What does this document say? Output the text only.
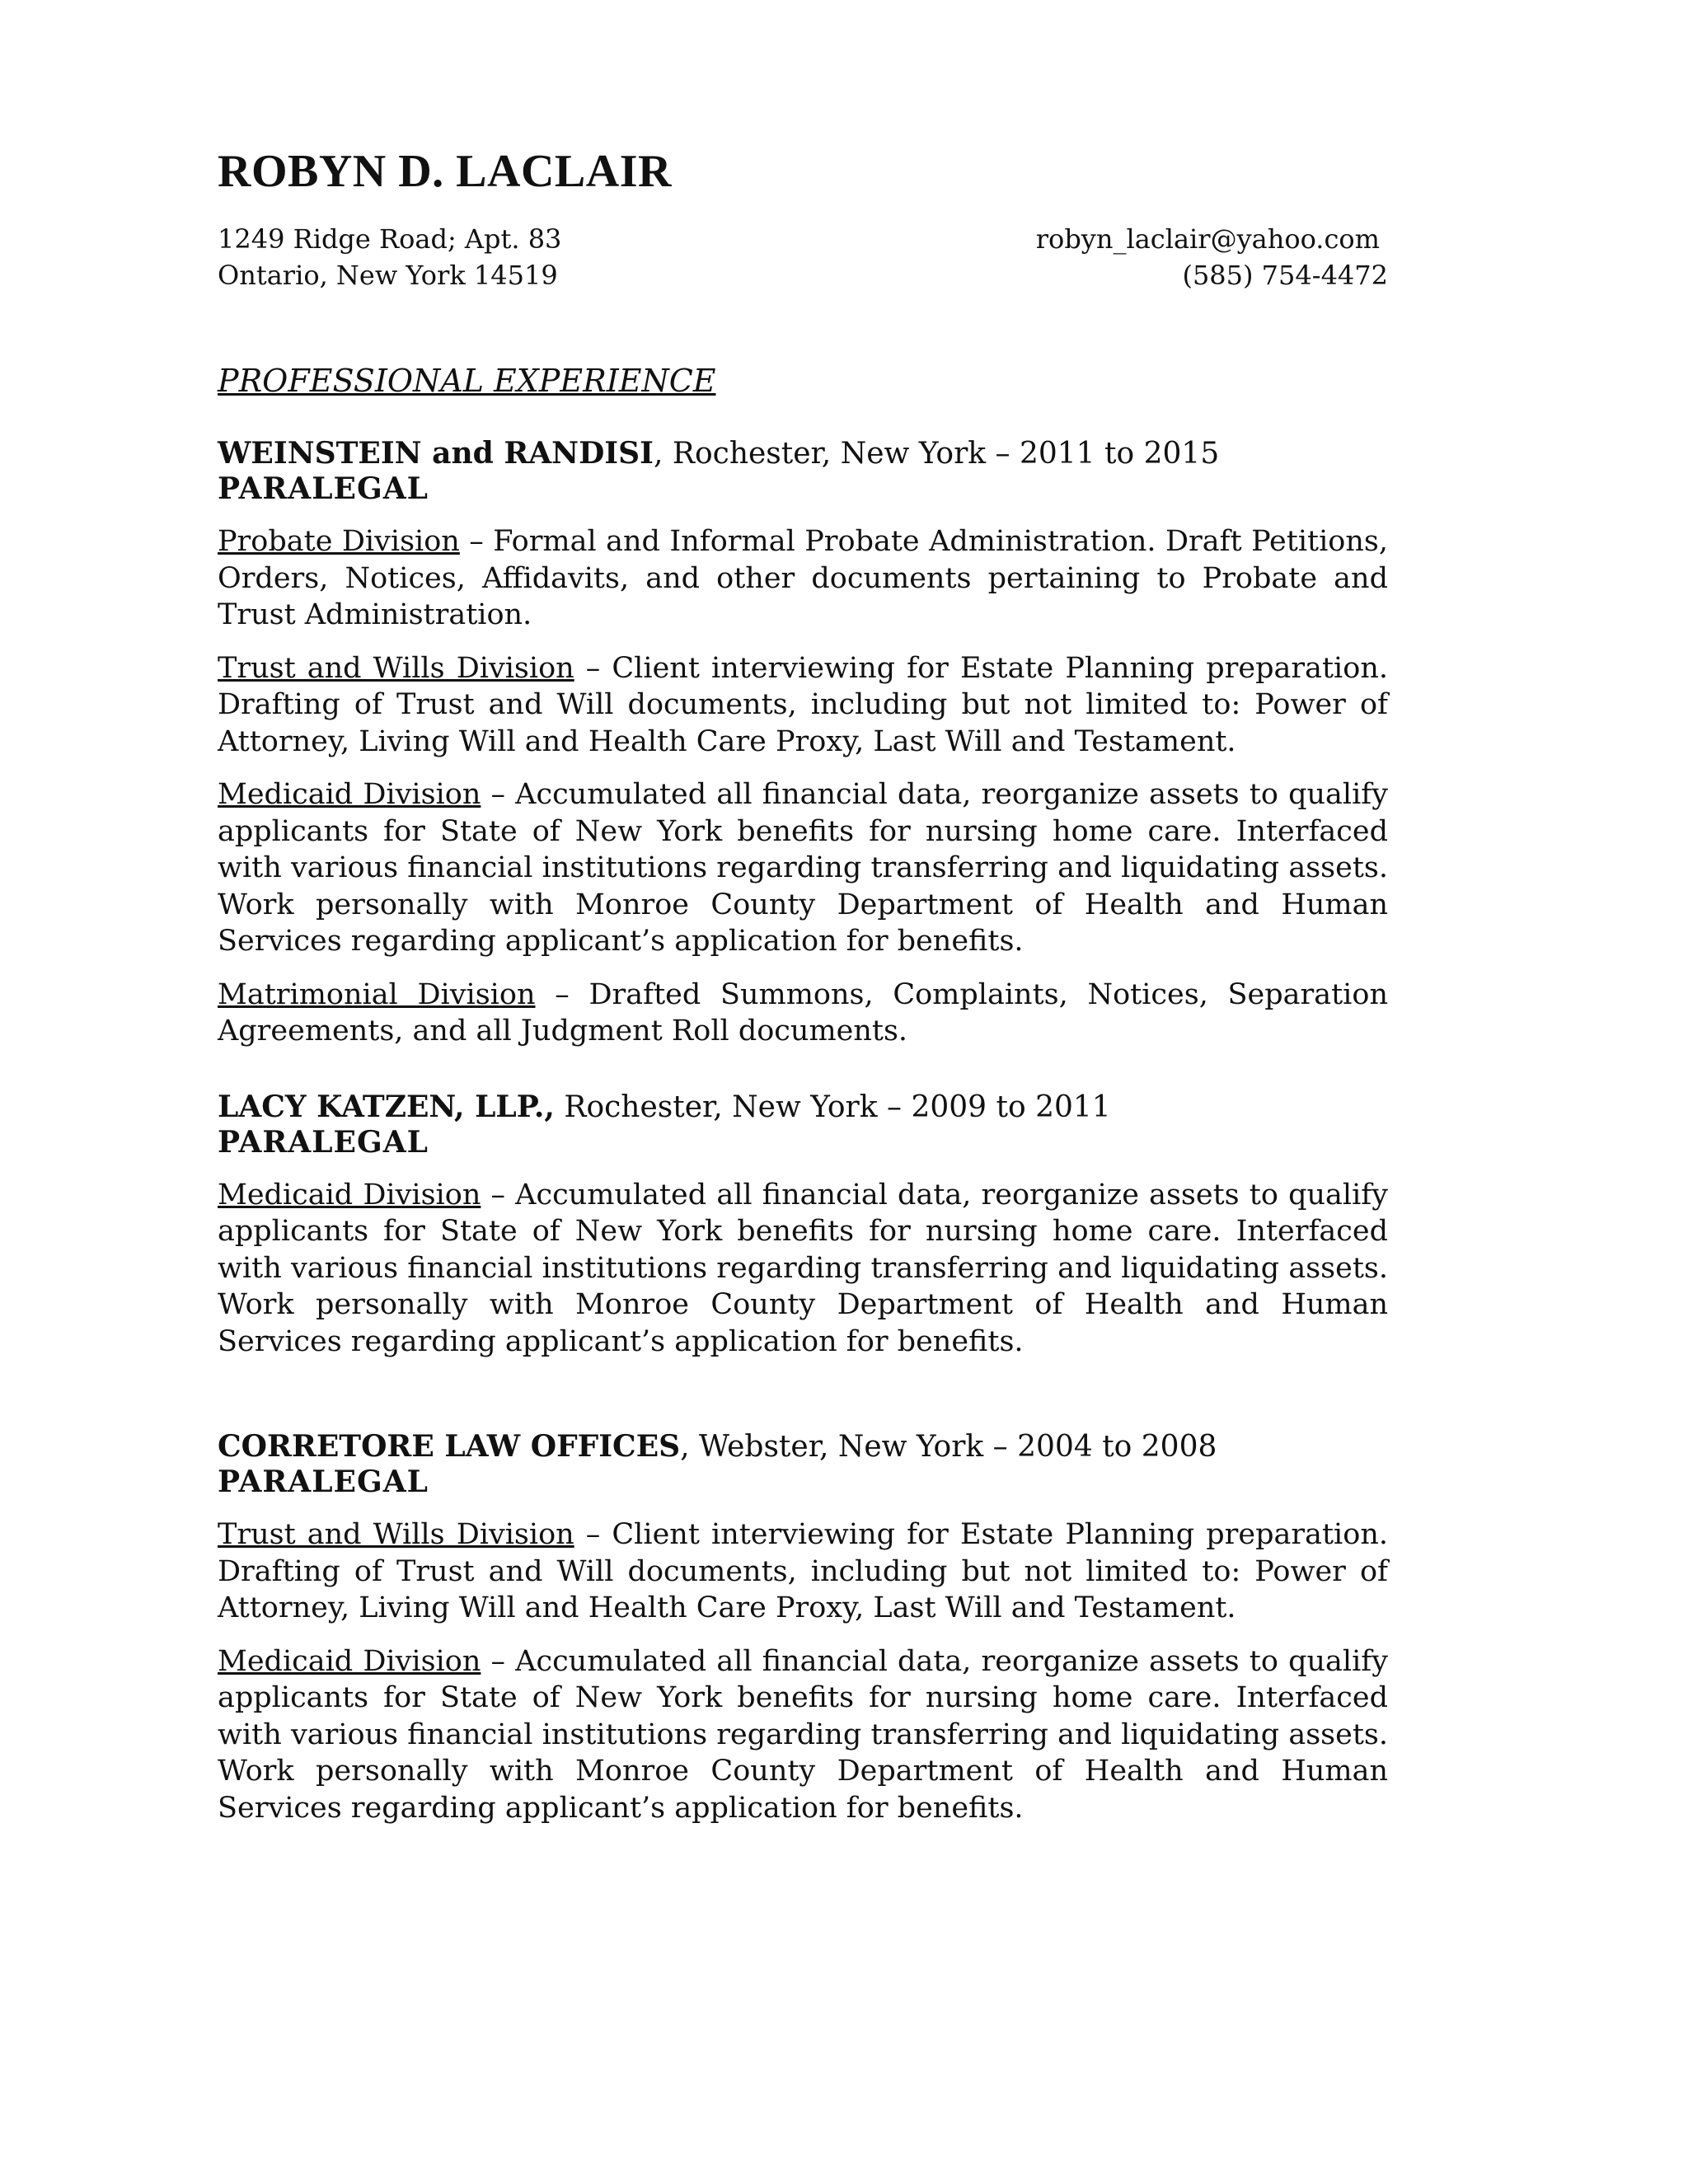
ROBYN D. LACLAIR
1249 Ridge Road; Apt. 83	robyn_laclair@yahoo.com
Ontario, New York 14519	(585) 754-4472
PROFESSIONAL EXPERIENCE
WEINSTEIN and RANDISI, Rochester, New York – 2011 to 2015
PARALEGAL

Probate Division – Formal and Informal Probate Administration. Draft Petitions, Orders, Notices, Affidavits, and other documents pertaining to Probate and Trust Administration.

Trust and Wills Division – Client interviewing for Estate Planning preparation. Drafting of Trust and Will documents, including but not limited to: Power of Attorney, Living Will and Health Care Proxy, Last Will and Testament.

Medicaid Division – Accumulated all financial data, reorganize assets to qualify applicants for State of New York benefits for nursing home care. Interfaced with various financial institutions regarding transferring and liquidating assets. Work personally with Monroe County Department of Health and Human Services regarding applicant’s application for benefits.

Matrimonial Division – Drafted Summons, Complaints, Notices, Separation Agreements, and all Judgment Roll documents.

LACY KATZEN, LLP., Rochester, New York – 2009 to 2011
PARALEGAL

Medicaid Division – Accumulated all financial data, reorganize assets to qualify applicants for State of New York benefits for nursing home care. Interfaced with various financial institutions regarding transferring and liquidating assets. Work personally with Monroe County Department of Health and Human Services regarding applicant’s application for benefits.

CORRETORE LAW OFFICES, Webster, New York – 2004 to 2008
PARALEGAL

Trust and Wills Division – Client interviewing for Estate Planning preparation. Drafting of Trust and Will documents, including but not limited to: Power of Attorney, Living Will and Health Care Proxy, Last Will and Testament.

Medicaid Division – Accumulated all financial data, reorganize assets to qualify applicants for State of New York benefits for nursing home care. Interfaced with various financial institutions regarding transferring and liquidating assets. Work personally with Monroe County Department of Health and Human Services regarding applicant’s application for benefits.
